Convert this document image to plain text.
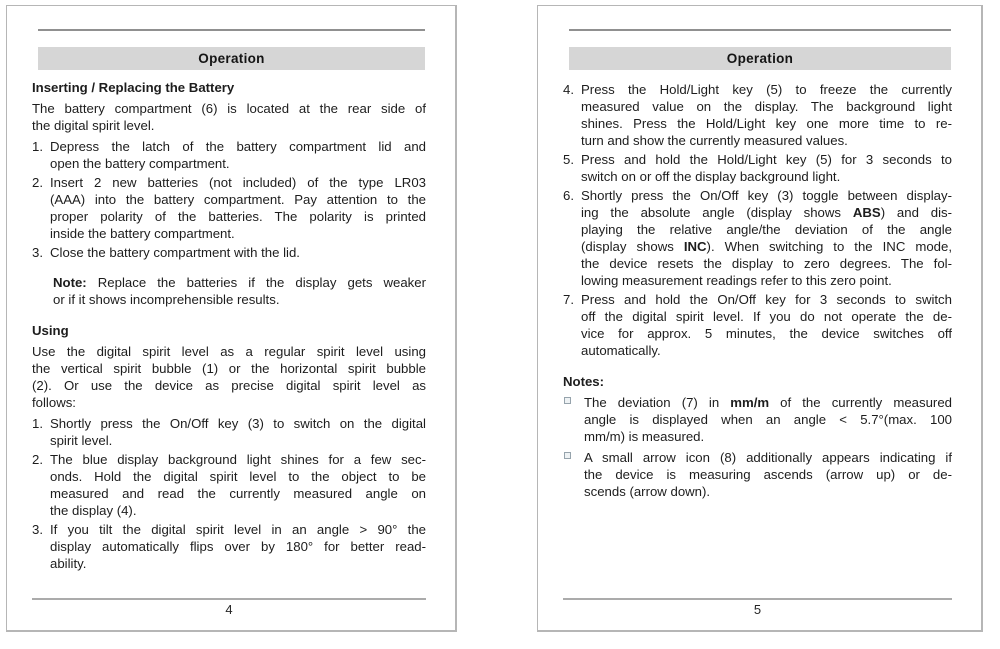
Operation
Inserting / Replacing the Battery
The battery compartment (6) is located at the rear side of
the digital spirit level.
1. Depress the latch of the battery compartment lid and
open the battery compartment.
2. Insert 2 new batteries (not included) of the type LR03
(AAA) into the battery compartment. Pay attention to the
proper polarity of the batteries. The polarity is printed
inside the battery compartment.
3. Close the battery compartment with the lid.
Note: Replace the batteries if the display gets weaker
or if it shows incomprehensible results.
Using
Use the digital spirit level as a regular spirit level using
the vertical spirit bubble (1) or the horizontal spirit bubble
(2). Or use the device as precise digital spirit level as
follows:
1. Shortly press the On/Off key (3) to switch on the digital
spirit level.
2. The blue display background light shines for a few sec-
onds. Hold the digital spirit level to the object to be
measured and read the currently measured angle on
the display (4).
3. If you tilt the digital spirit level in an angle > 90° the
display automatically flips over by 180° for better read-
ability.
4
Operation
4. Press the Hold/Light key (5) to freeze the currently
measured value on the display. The background light
shines. Press the Hold/Light key one more time to re-
turn and show the currently measured values.
5. Press and hold the Hold/Light key (5) for 3 seconds to
switch on or off the display background light.
6. Shortly press the On/Off key (3) toggle between display-
ing the absolute angle (display shows ABS) and dis-
playing the relative angle/the deviation of the angle
(display shows INC). When switching to the INC mode,
the device resets the display to zero degrees. The fol-
lowing measurement readings refer to this zero point.
7. Press and hold the On/Off key for 3 seconds to switch
off the digital spirit level. If you do not operate the de-
vice for approx. 5 minutes, the device switches off
automatically.
Notes:
The deviation (7) in mm/m of the currently measured
angle is displayed when an angle < 5.7°(max. 100
mm/m) is measured.
A small arrow icon (8) additionally appears indicating if
the device is measuring ascends (arrow up) or de-
scends (arrow down).
5
